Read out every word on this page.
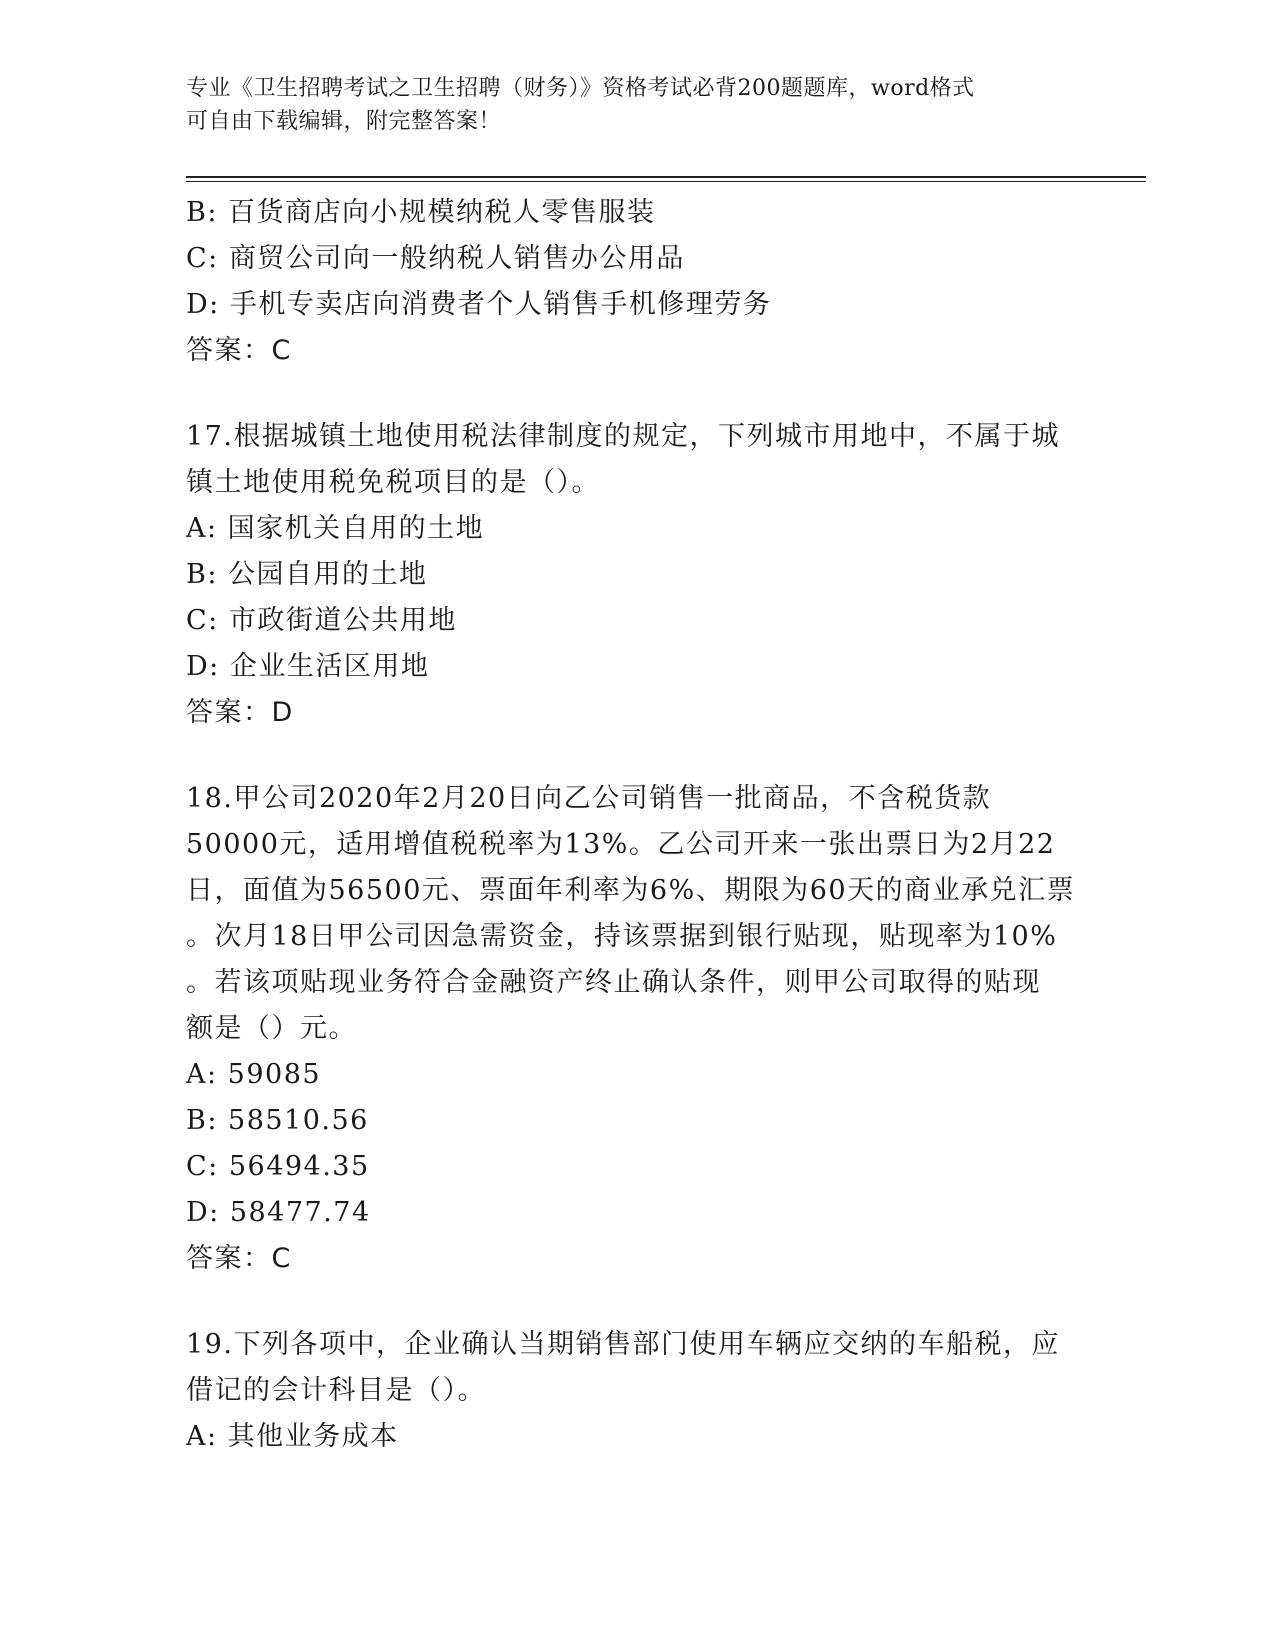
专业《卫生招聘考试之卫生招聘（财务）》资格考试必背200题题库，word格式
可自由下载编辑，附完整答案！
B: 百货商店向小规模纳税人零售服装
C: 商贸公司向一般纳税人销售办公用品
D: 手机专卖店向消费者个人销售手机修理劳务
答案：C
17.根据城镇土地使用税法律制度的规定，下列城市用地中，不属于城
镇土地使用税免税项目的是（）。
A: 国家机关自用的土地
B: 公园自用的土地
C: 市政街道公共用地
D: 企业生活区用地
答案：D
18.甲公司2020年2月20日向乙公司销售一批商品，不含税货款
50000元，适用增值税税率为13%。乙公司开来一张出票日为2月22
日，面值为56500元、票面年利率为6%、期限为60天的商业承兑汇票
。次月18日甲公司因急需资金，持该票据到银行贴现，贴现率为10%
。若该项贴现业务符合金融资产终止确认条件，则甲公司取得的贴现
额是（）元。
A: 59085
B: 58510.56
C: 56494.35
D: 58477.74
答案：C
19.下列各项中，企业确认当期销售部门使用车辆应交纳的车船税，应
借记的会计科目是（）。
A: 其他业务成本
